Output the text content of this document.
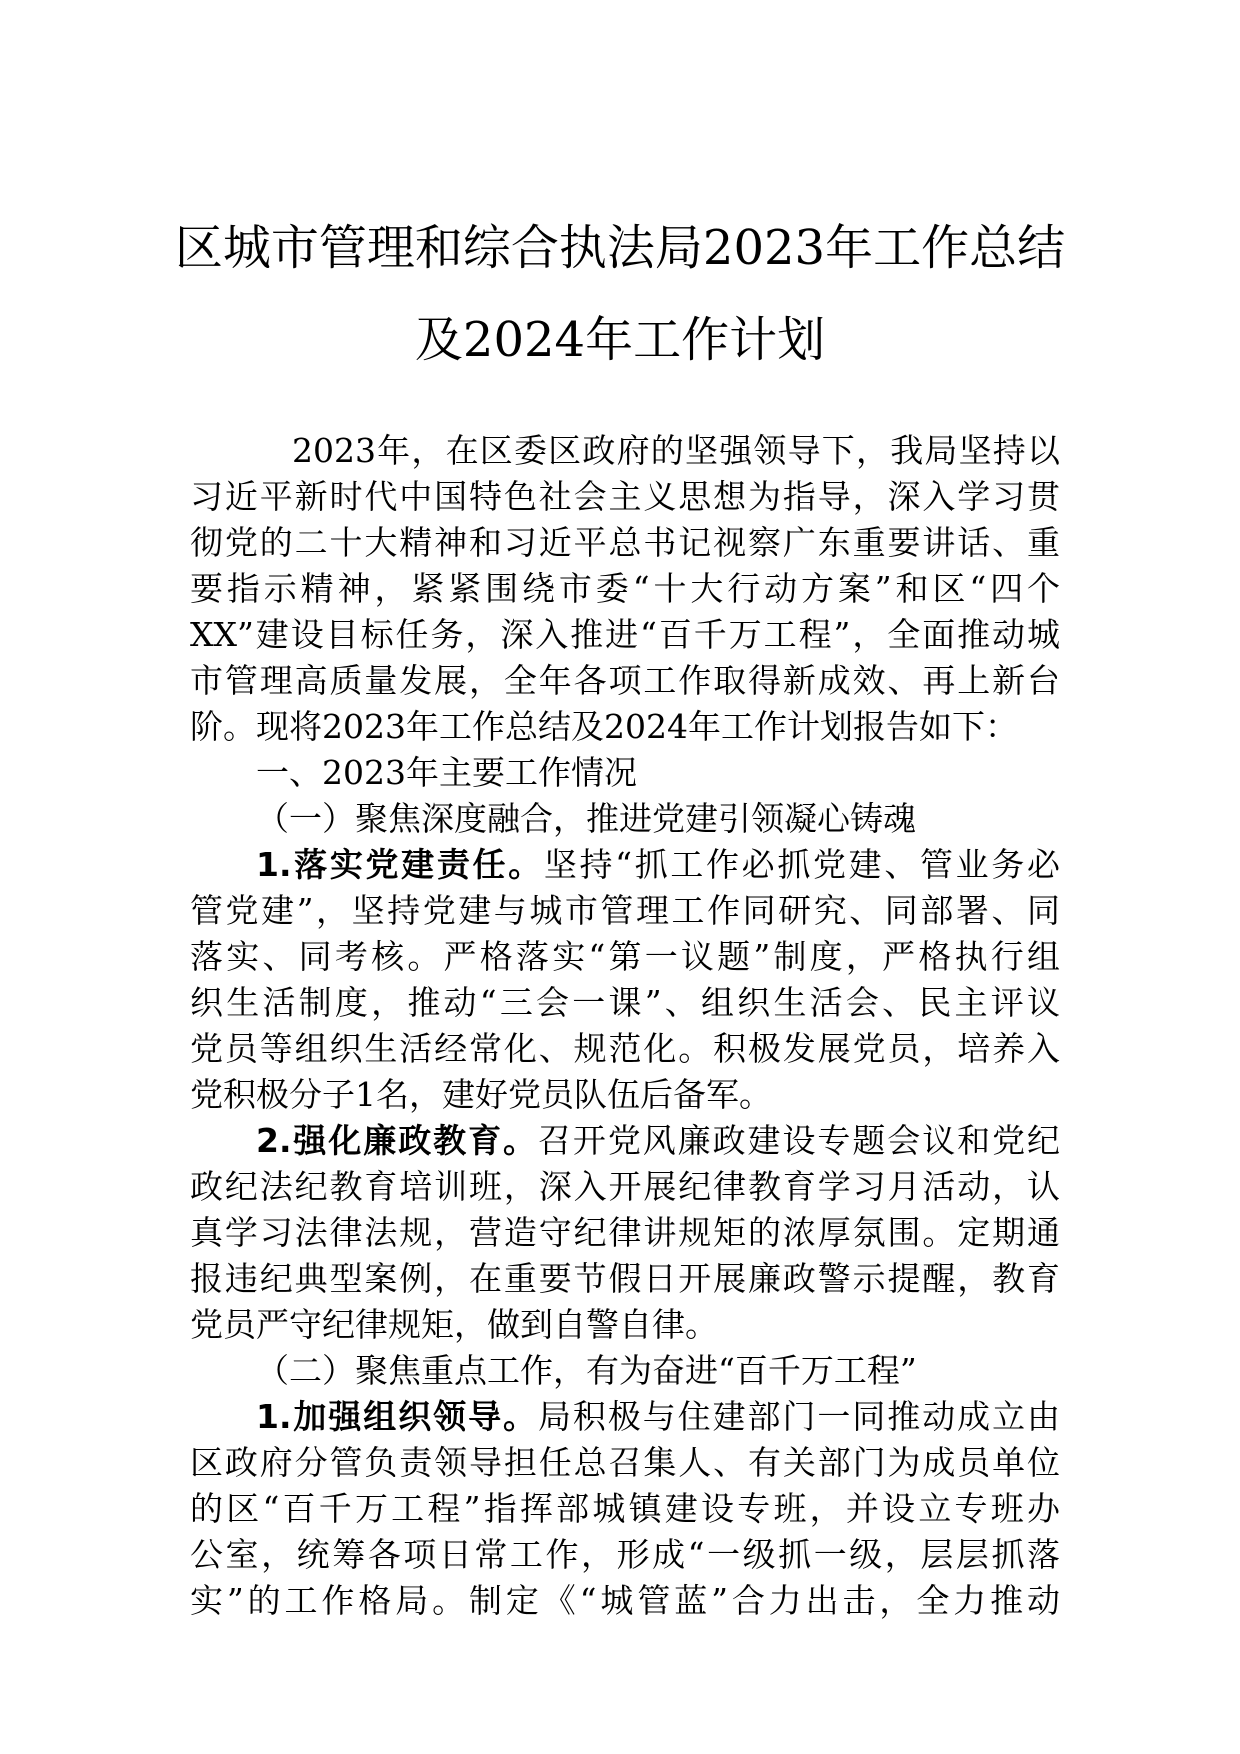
区城市管理和综合执法局2023年工作总结
及2024年工作计划
2023年，在区委区政府的坚强领导下，我局坚持以
习近平新时代中国特色社会主义思想为指导，深入学习贯
彻党的二十大精神和习近平总书记视察广东重要讲话、重
要指示精神，紧紧围绕市委“十大行动方案”和区“四个
XX”建设目标任务，深入推进“百千万工程”，全面推动城
市管理高质量发展，全年各项工作取得新成效、再上新台
阶。现将2023年工作总结及2024年工作计划报告如下：
一、2023年主要工作情况
（一）聚焦深度融合，推进党建引领凝心铸魂
1.落实党建责任。坚持“抓工作必抓党建、管业务必
管党建”，坚持党建与城市管理工作同研究、同部署、同
落实、同考核。严格落实“第一议题”制度，严格执行组
织生活制度，推动“三会一课”、组织生活会、民主评议
党员等组织生活经常化、规范化。积极发展党员，培养入
党积极分子1名，建好党员队伍后备军。
2.强化廉政教育。召开党风廉政建设专题会议和党纪
政纪法纪教育培训班，深入开展纪律教育学习月活动，认
真学习法律法规，营造守纪律讲规矩的浓厚氛围。定期通
报违纪典型案例，在重要节假日开展廉政警示提醒，教育
党员严守纪律规矩，做到自警自律。
（二）聚焦重点工作，有为奋进“百千万工程”
1.加强组织领导。局积极与住建部门一同推动成立由
区政府分管负责领导担任总召集人、有关部门为成员单位
的区“百千万工程”指挥部城镇建设专班，并设立专班办
公室，统筹各项日常工作，形成“一级抓一级，层层抓落
实”的工作格局。制定《“城管蓝”合力出击，全力推动
